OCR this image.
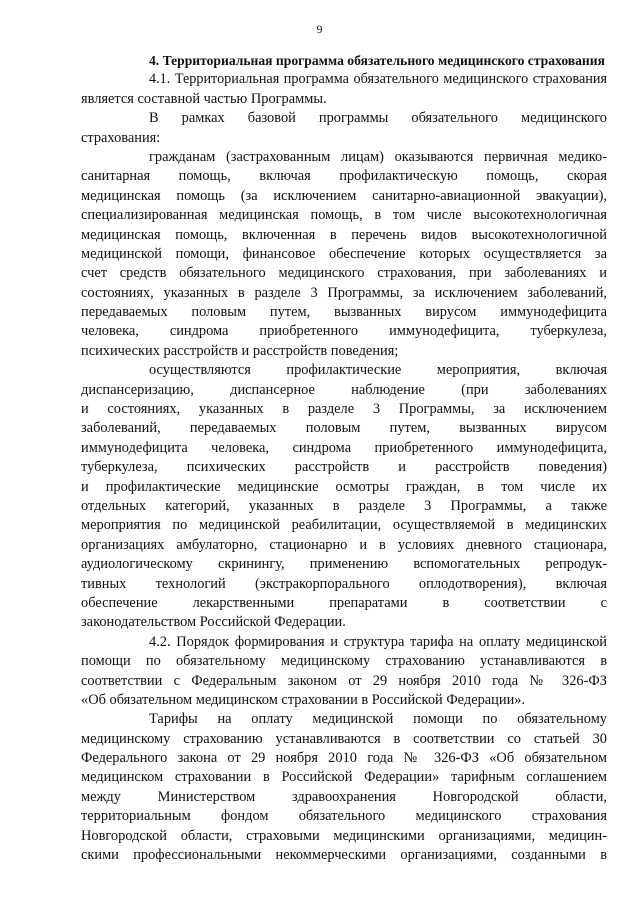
9
4. Территориальная программа обязательного медицинского страхования
4.1. Территориальная программа обязательного медицинского страхования
является составной частью Программы.
В рамках базовой программы обязательного медицинского
страхования:
гражданам (застрахованным лицам) оказываются первичная медико-
санитарная помощь, включая профилактическую помощь, скорая
медицинская помощь (за исключением санитарно-авиационной эвакуации),
специализированная медицинская помощь, в том числе высокотехнологичная
медицинская помощь, включенная в перечень видов высокотехнологичной
медицинской помощи, финансовое обеспечение которых осуществляется за
счет средств обязательного медицинского страхования, при заболеваниях и
состояниях, указанных в разделе 3 Программы, за исключением заболеваний,
передаваемых половым путем, вызванных вирусом иммунодефицита
человека, синдрома приобретенного иммунодефицита, туберкулеза,
психических расстройств и расстройств поведения;
осуществляются профилактические мероприятия, включая
диспансеризацию, диспансерное наблюдение (при заболеваниях
и состояниях, указанных в разделе 3 Программы, за исключением
заболеваний, передаваемых половым путем, вызванных вирусом
иммунодефицита человека, синдрома приобретенного иммунодефицита,
туберкулеза, психических расстройств и расстройств поведения)
и профилактические медицинские осмотры граждан, в том числе их
отдельных категорий, указанных в разделе 3 Программы, а также
мероприятия по медицинской реабилитации, осуществляемой в медицинских
организациях амбулаторно, стационарно и в условиях дневного стационара,
аудиологическому скринингу, применению вспомогательных репродук-
тивных технологий (экстракорпорального оплодотворения), включая
обеспечение лекарственными препаратами в соответствии с
законодательством Российской Федерации.
4.2. Порядок формирования и структура тарифа на оплату медицинской
помощи по обязательному медицинскому страхованию устанавливаются в
соответствии с Федеральным законом от 29 ноября 2010 года № 326-ФЗ
«Об обязательном медицинском страховании в Российской Федерации».
Тарифы на оплату медицинской помощи по обязательному
медицинскому страхованию устанавливаются в соответствии со статьей 30
Федерального закона от 29 ноября 2010 года № 326-ФЗ «Об обязательном
медицинском страховании в Российской Федерации» тарифным соглашением
между Министерством здравоохранения Новгородской области,
территориальным фондом обязательного медицинского страхования
Новгородской области, страховыми медицинскими организациями, медицин-
скими профессиональными некоммерческими организациями, созданными в
